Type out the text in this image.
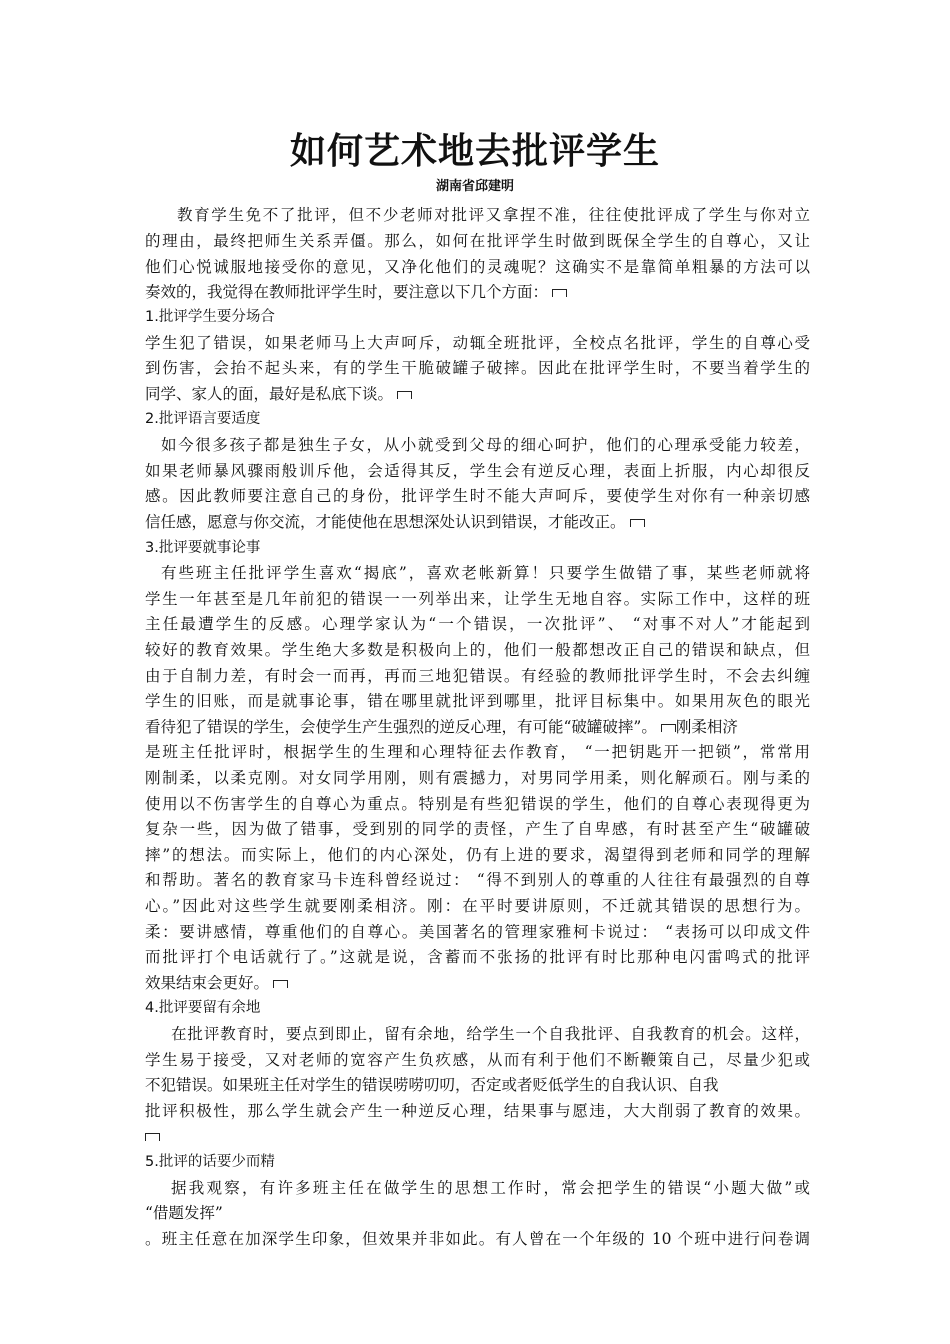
如何艺术地去批评学生
湖南省邱建明
教育学生免不了批评，但不少老师对批评又拿捏不准，往往使批评成了学生与你对立
的理由，最终把师生关系弄僵。那么，如何在批评学生时做到既保全学生的自尊心，又让
他们心悦诚服地接受你的意见，又净化他们的灵魂呢？这确实不是靠简单粗暴的方法可以
奏效的，我觉得在教师批评学生时，要注意以下几个方面：
1.批评学生要分场合
学生犯了错误，如果老师马上大声呵斥，动辄全班批评，全校点名批评，学生的自尊心受
到伤害，会抬不起头来，有的学生干脆破罐子破摔。因此在批评学生时，不要当着学生的
同学、家人的面，最好是私底下谈。
2.批评语言要适度
如今很多孩子都是独生子女，从小就受到父母的细心呵护，他们的心理承受能力较差，
如果老师暴风骤雨般训斥他，会适得其反，学生会有逆反心理，表面上折服，内心却很反
感。因此教师要注意自己的身份，批评学生时不能大声呵斥，要使学生对你有一种亲切感
信任感，愿意与你交流，才能使他在思想深处认识到错误，才能改正。
3.批评要就事论事
有些班主任批评学生喜欢“揭底”，喜欢老帐新算！只要学生做错了事，某些老师就将
学生一年甚至是几年前犯的错误一一列举出来，让学生无地自容。实际工作中，这样的班
主任最遭学生的反感。心理学家认为“一个错误，一次批评”、 “对事不对人”才能起到
较好的教育效果。学生绝大多数是积极向上的，他们一般都想改正自己的错误和缺点，但
由于自制力差，有时会一而再，再而三地犯错误。有经验的教师批评学生时，不会去纠缠
学生的旧账，而是就事论事，错在哪里就批评到哪里，批评目标集中。如果用灰色的眼光
看待犯了错误的学生，会使学生产生强烈的逆反心理，有可能“破罐破摔”。 刚柔相济
是班主任批评时，根据学生的生理和心理特征去作教育， “一把钥匙开一把锁”，常常用
刚制柔，以柔克刚。对女同学用刚，则有震撼力，对男同学用柔，则化解顽石。刚与柔的
使用以不伤害学生的自尊心为重点。特别是有些犯错误的学生，他们的自尊心表现得更为
复杂一些，因为做了错事，受到别的同学的责怪，产生了自卑感，有时甚至产生“破罐破
摔”的想法。而实际上，他们的内心深处，仍有上进的要求，渴望得到老师和同学的理解
和帮助。著名的教育家马卡连科曾经说过： “得不到别人的尊重的人往往有最强烈的自尊
心。”因此对这些学生就要刚柔相济。刚：在平时要讲原则，不迁就其错误的思想行为。
柔：要讲感情，尊重他们的自尊心。美国著名的管理家雅柯卡说过： “表扬可以印成文件
而批评打个电话就行了。”这就是说，含蓄而不张扬的批评有时比那种电闪雷鸣式的批评
效果结束会更好。
4.批评要留有余地
在批评教育时，要点到即止，留有余地，给学生一个自我批评、自我教育的机会。这样，
学生易于接受，又对老师的宽容产生负疚感，从而有利于他们不断鞭策自己，尽量少犯或
不犯错误。如果班主任对学生的错误唠唠叨叨，否定或者贬低学生的自我认识、自我
批评积极性，那么学生就会产生一种逆反心理，结果事与愿违，大大削弱了教育的效果。
5.批评的话要少而精
据我观察，有许多班主任在做学生的思想工作时，常会把学生的错误“小题大做”或
“借题发挥”
。班主任意在加深学生印象，但效果并非如此。有人曾在一个年级的 10 个班中进行问卷调
